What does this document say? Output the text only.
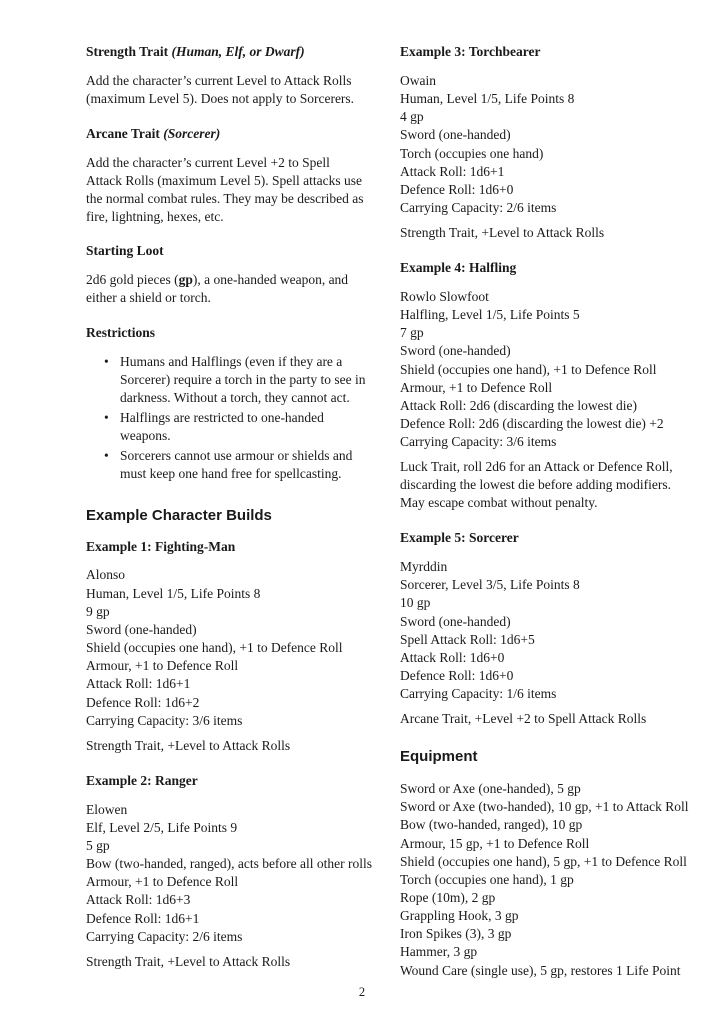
Strength Trait (Human, Elf, or Dwarf)

Add the character’s current Level to Attack Rolls (maximum Level 5). Does not apply to Sorcerers.

Arcane Trait (Sorcerer)

Add the character’s current Level +2 to Spell Attack Rolls (maximum Level 5). Spell attacks use the normal combat rules. They may be described as fire, lightning, hexes, etc.

Starting Loot

2d6 gold pieces (gp), a one-handed weapon, and either a shield or torch.

Restrictions
• Humans and Halflings (even if they are a Sorcerer) require a torch in the party to see in darkness. Without a torch, they cannot act.
• Halflings are restricted to one-handed weapons.
• Sorcerers cannot use armour or shields and must keep one hand free for spellcasting.
Example Character Builds
Example 1: Fighting-Man
Alonso
Human, Level 1/5, Life Points 8
9 gp
Sword (one-handed)
Shield (occupies one hand), +1 to Defence Roll
Armour, +1 to Defence Roll
Attack Roll: 1d6+1
Defence Roll: 1d6+2
Carrying Capacity: 3/6 items
Strength Trait, +Level to Attack Rolls
Example 2: Ranger
Elowen
Elf, Level 2/5, Life Points 9
5 gp
Bow (two-handed, ranged), acts before all other rolls
Armour, +1 to Defence Roll
Attack Roll: 1d6+3
Defence Roll: 1d6+1
Carrying Capacity: 2/6 items
Strength Trait, +Level to Attack Rolls
Example 3: Torchbearer
Owain
Human, Level 1/5, Life Points 8
4 gp
Sword (one-handed)
Torch (occupies one hand)
Attack Roll: 1d6+1
Defence Roll: 1d6+0
Carrying Capacity: 2/6 items
Strength Trait, +Level to Attack Rolls
Example 4: Halfling
Rowlo Slowfoot
Halfling, Level 1/5, Life Points 5
7 gp
Sword (one-handed)
Shield (occupies one hand), +1 to Defence Roll
Armour, +1 to Defence Roll
Attack Roll: 2d6 (discarding the lowest die)
Defence Roll: 2d6 (discarding the lowest die) +2
Carrying Capacity: 3/6 items
Luck Trait, roll 2d6 for an Attack or Defence Roll, discarding the lowest die before adding modifiers. May escape combat without penalty.
Example 5: Sorcerer
Myrddin
Sorcerer, Level 3/5, Life Points 8
10 gp
Sword (one-handed)
Spell Attack Roll: 1d6+5
Attack Roll: 1d6+0
Defence Roll: 1d6+0
Carrying Capacity: 1/6 items
Arcane Trait, +Level +2 to Spell Attack Rolls
Equipment
Sword or Axe (one-handed), 5 gp
Sword or Axe (two-handed), 10 gp, +1 to Attack Roll
Bow (two-handed, ranged), 10 gp
Armour, 15 gp, +1 to Defence Roll
Shield (occupies one hand), 5 gp, +1 to Defence Roll
Torch (occupies one hand), 1 gp
Rope (10m), 2 gp
Grappling Hook, 3 gp
Iron Spikes (3), 3 gp
Hammer, 3 gp
Wound Care (single use), 5 gp, restores 1 Life Point
2
